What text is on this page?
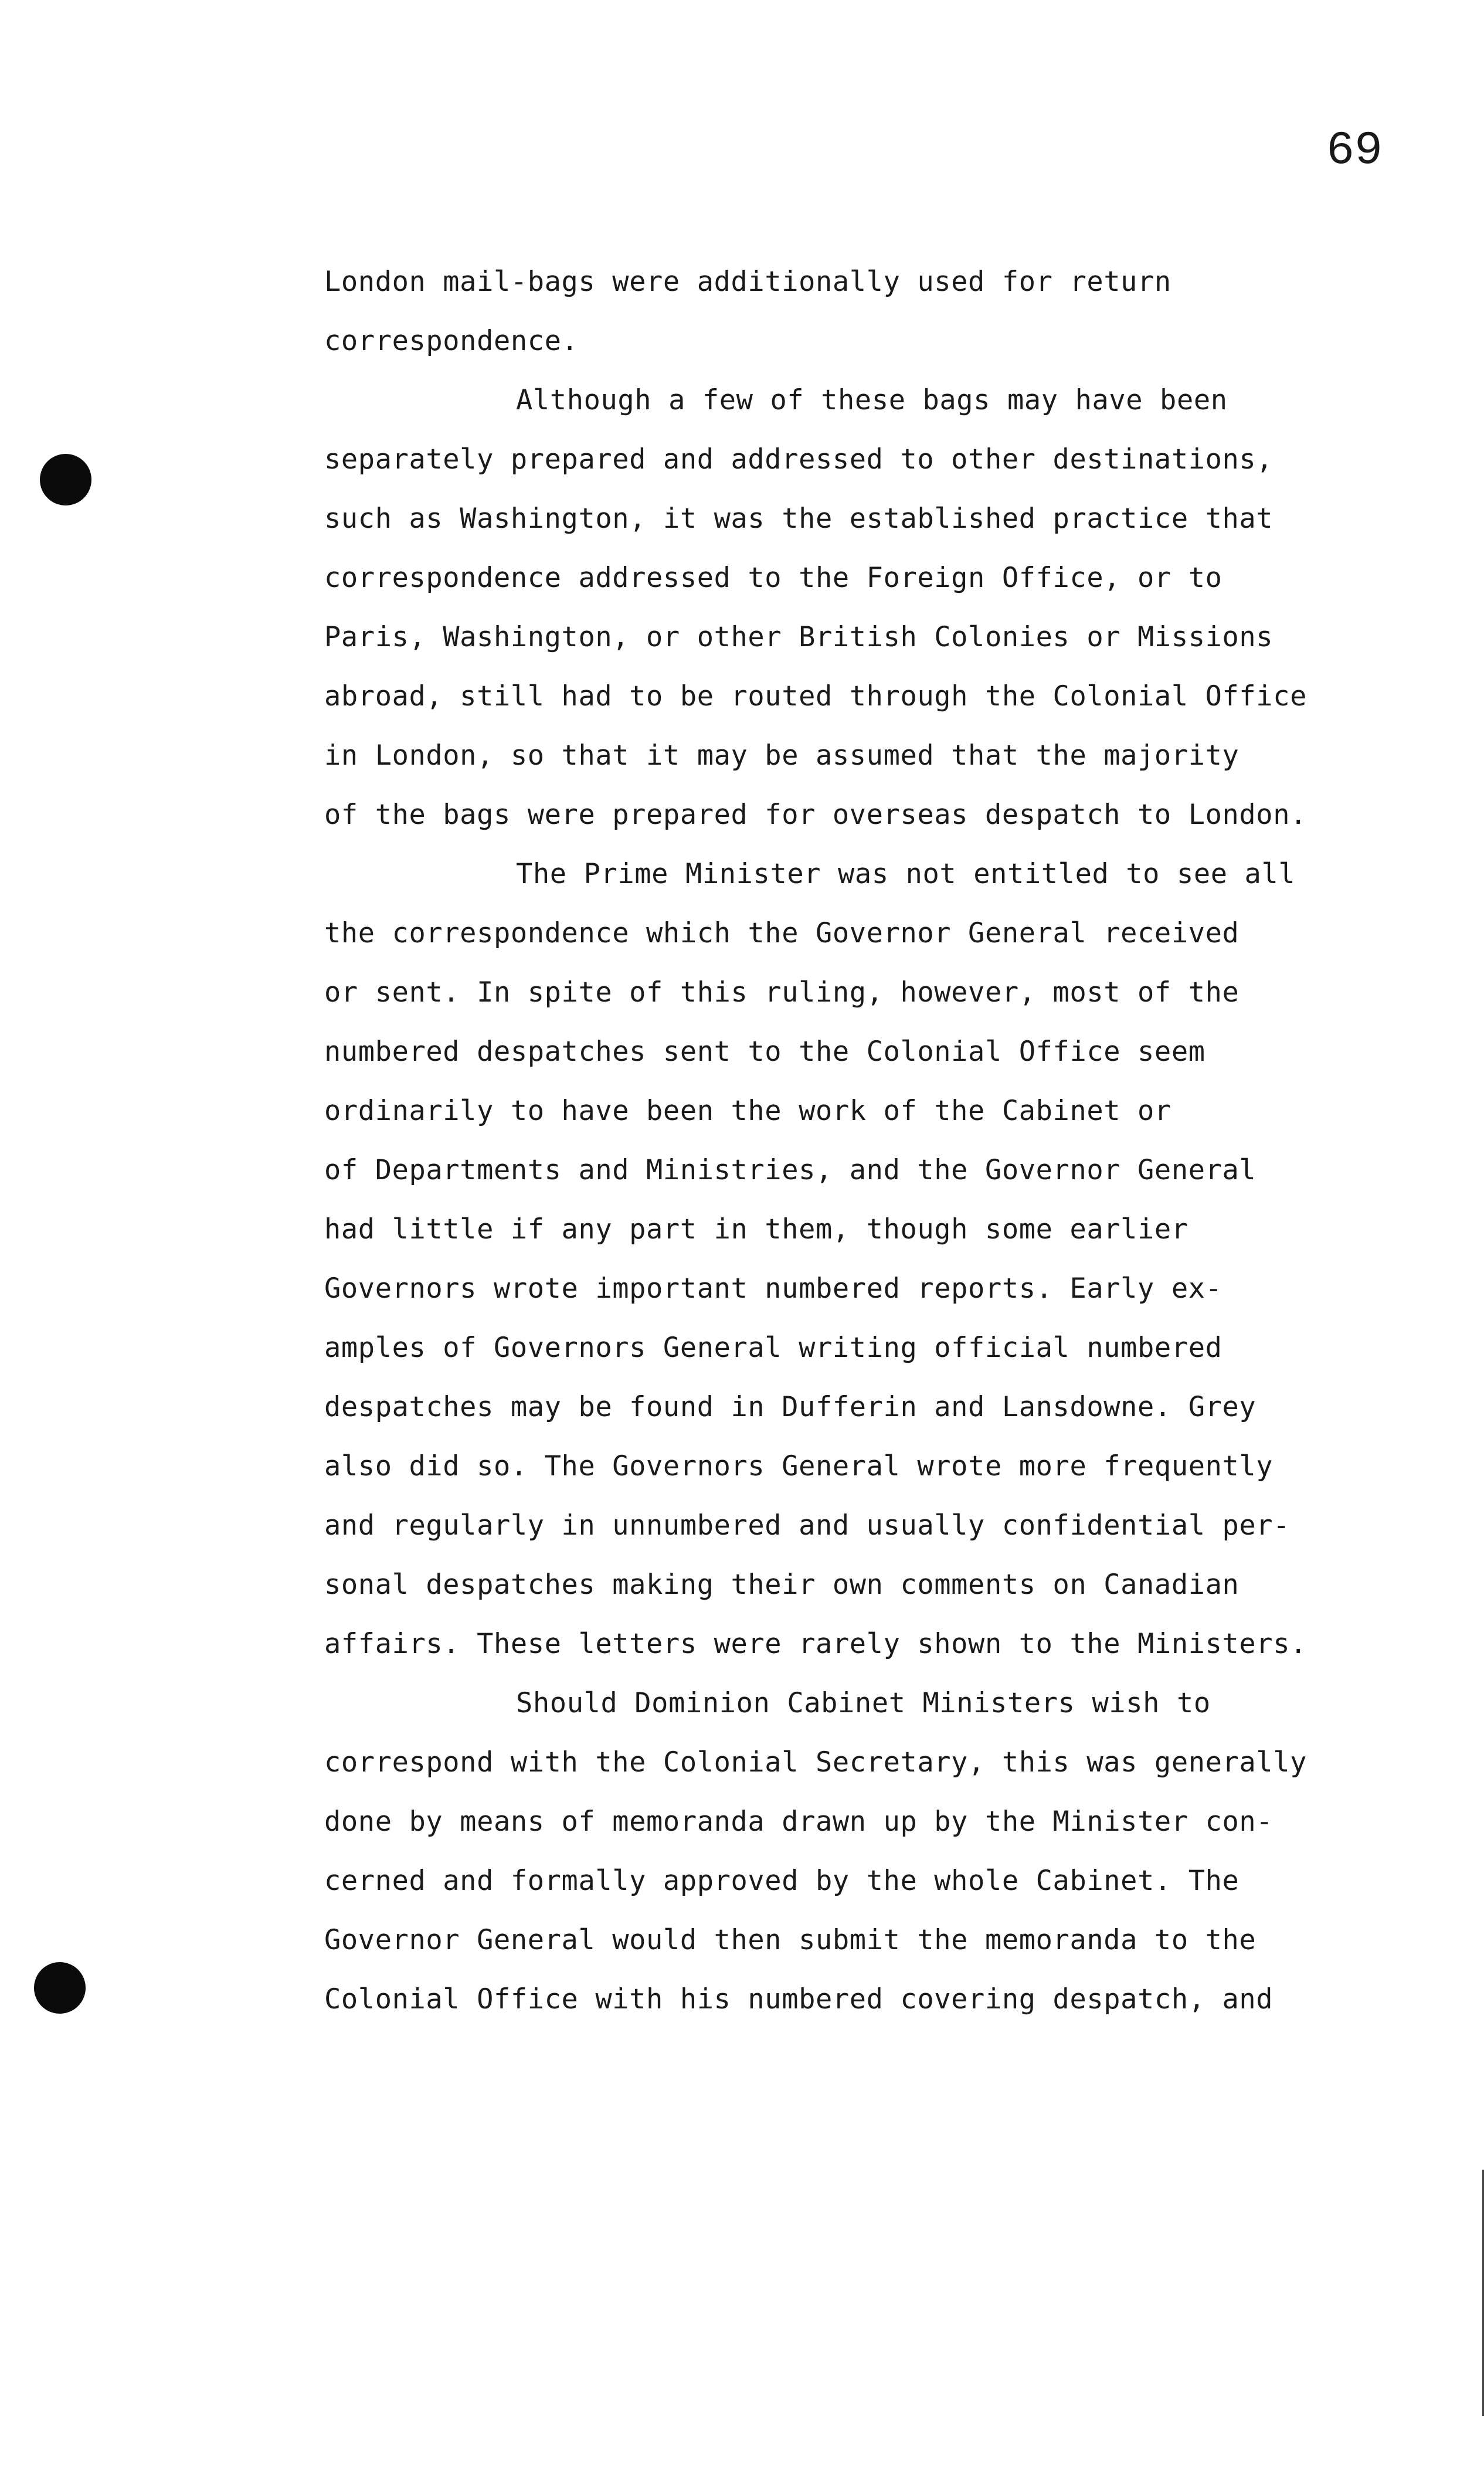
69
London mail-bags were additionally used for return
correspondence.
Although a few of these bags may have been
separately prepared and addressed to other destinations,
such as Washington, it was the established practice that
correspondence addressed to the Foreign Office, or to
Paris, Washington, or other British Colonies or Missions
abroad, still had to be routed through the Colonial Office
in London, so that it may be assumed that the majority
of the bags were prepared for overseas despatch to London.
The Prime Minister was not entitled to see all
the correspondence which the Governor General received
or sent. In spite of this ruling, however, most of the
numbered despatches sent to the Colonial Office seem
ordinarily to have been the work of the Cabinet or
of Departments and Ministries, and the Governor General
had little if any part in them, though some earlier
Governors wrote important numbered reports. Early ex-
amples of Governors General writing official numbered
despatches may be found in Dufferin and Lansdowne. Grey
also did so. The Governors General wrote more frequently
and regularly in unnumbered and usually confidential per-
sonal despatches making their own comments on Canadian
affairs. These letters were rarely shown to the Ministers.
Should Dominion Cabinet Ministers wish to
correspond with the Colonial Secretary, this was generally
done by means of memoranda drawn up by the Minister con-
cerned and formally approved by the whole Cabinet. The
Governor General would then submit the memoranda to the
Colonial Office with his numbered covering despatch, and
